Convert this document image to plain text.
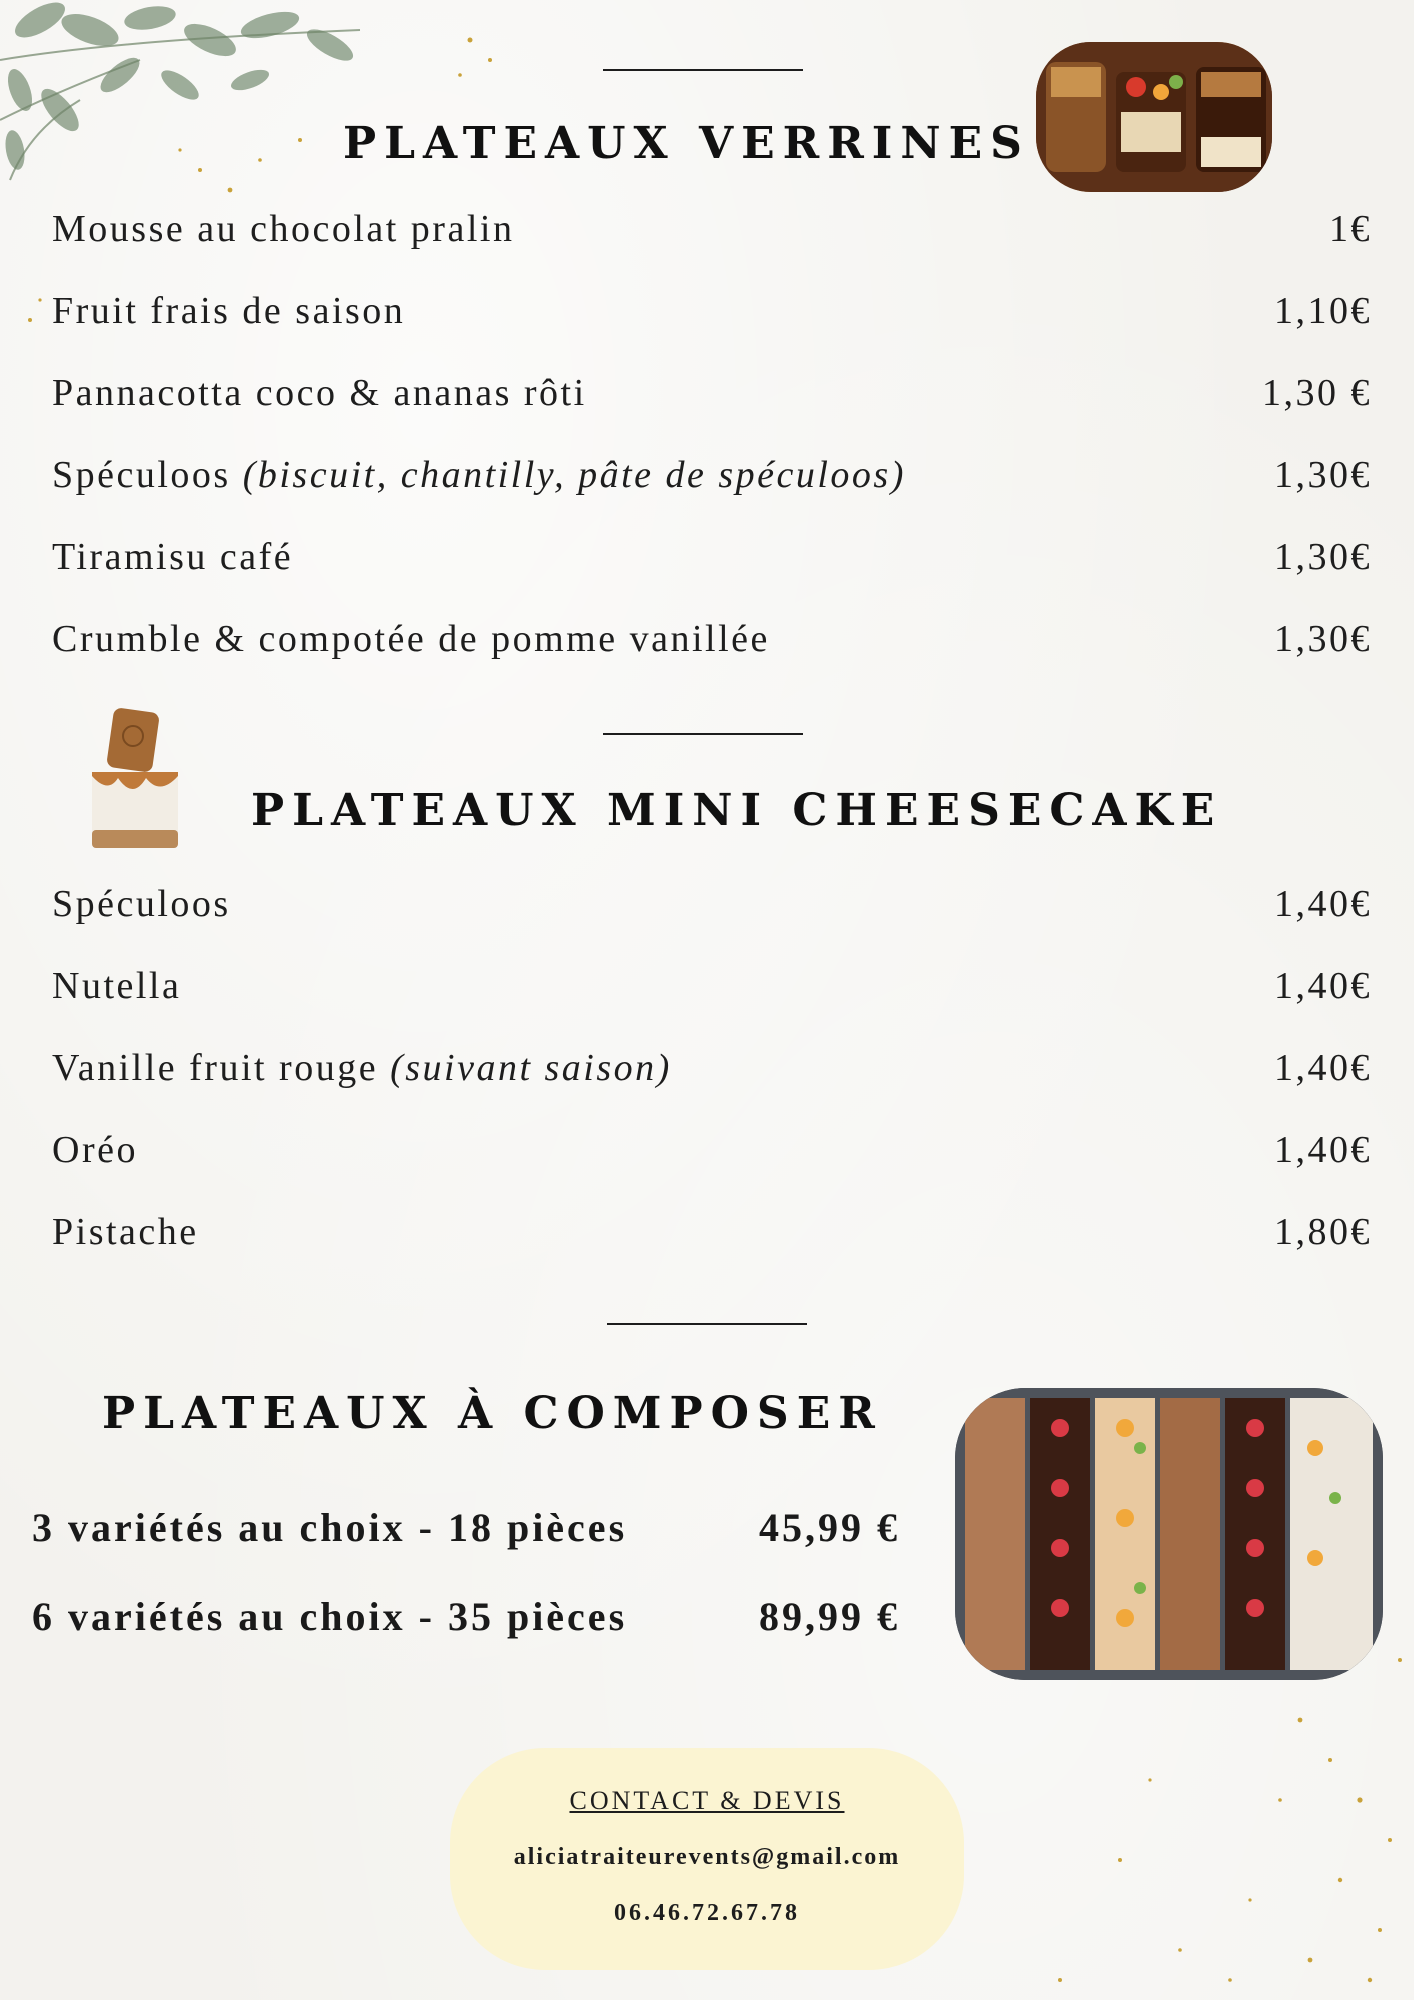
PLATEAUX VERRINES
Mousse au chocolat pralin	1€
Fruit frais de saison	1,10€
Pannacotta coco & ananas rôti	1,30 €
Spéculoos (biscuit, chantilly, pâte de spéculoos)	1,30€
Tiramisu café	1,30€
Crumble & compotée de pomme vanillée	1,30€
PLATEAUX MINI CHEESECAKE
Spéculoos	1,40€
Nutella	1,40€
Vanille fruit rouge (suivant saison)	1,40€
Oréo	1,40€
Pistache	1,80€
PLATEAUX À COMPOSER
3 variétés au choix - 18 pièces	45,99 €
6 variétés au choix - 35 pièces	89,99 €
CONTACT & DEVIS
aliciatraiteurevents@gmail.com
06.46.72.67.78
